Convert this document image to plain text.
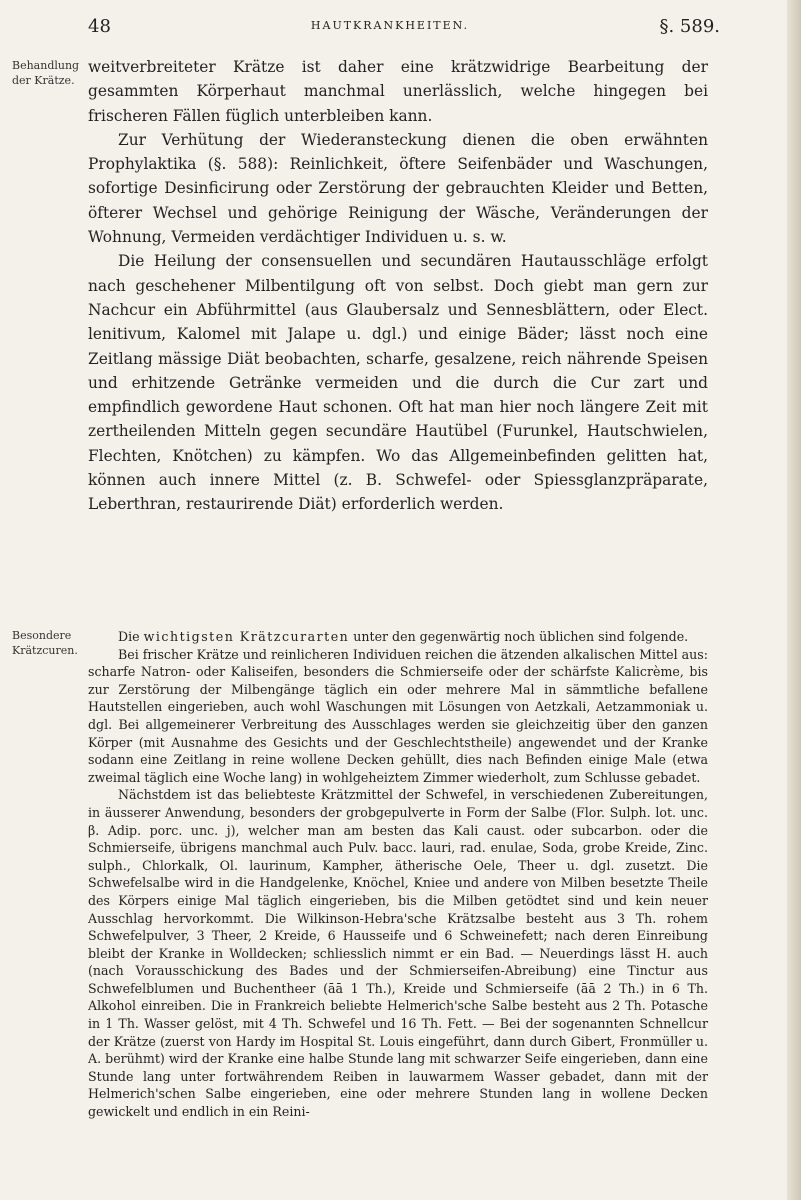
48	HAUTKRANKHEITEN.	§. 589.
Behandlung der Krätze.
Besondere Krätzcuren.

weitverbreiteter Krätze ist daher eine krätzwidrige Bearbeitung der gesammten Körperhaut manchmal unerlässlich, welche hingegen bei frischeren Fällen füglich unterbleiben kann.

Zur Verhütung der Wiederansteckung dienen die oben erwähnten Prophylaktika (§. 588): Reinlichkeit, öftere Seifenbäder und Waschungen, sofortige Desinficirung oder Zerstörung der gebrauchten Kleider und Betten, öfterer Wechsel und gehörige Reinigung der Wäsche, Veränderungen der Wohnung, Vermeiden verdächtiger Individuen u. s. w.

Die Heilung der consensuellen und secundären Hautausschläge erfolgt nach geschehener Milbentilgung oft von selbst. Doch giebt man gern zur Nachcur ein Abführmittel (aus Glaubersalz und Sennesblättern, oder Elect. lenitivum, Kalomel mit Jalape u. dgl.) und einige Bäder; lässt noch eine Zeitlang mässige Diät beobachten, scharfe, gesalzene, reich nährende Speisen und erhitzende Getränke vermeiden und die durch die Cur zart und empfindlich gewordene Haut schonen. Oft hat man hier noch längere Zeit mit zertheilenden Mitteln gegen secundäre Hautübel (Furunkel, Hautschwielen, Flechten, Knötchen) zu kämpfen. Wo das Allgemeinbefinden gelitten hat, können auch innere Mittel (z. B. Schwefel- oder Spiessglanzpräparate, Leberthran, restaurirende Diät) erforderlich werden.

Die wichtigsten Krätzcurarten unter den gegenwärtig noch üblichen sind folgende.

Bei frischer Krätze und reinlicheren Individuen reichen die ätzenden alkalischen Mittel aus: scharfe Natron- oder Kaliseifen, besonders die Schmierseife oder der schärfste Kalicrème, bis zur Zerstörung der Milbengänge täglich ein oder mehrere Mal in sämmtliche befallene Hautstellen eingerieben, auch wohl Waschungen mit Lösungen von Aetzkali, Aetzammoniak u. dgl. Bei allgemeinerer Verbreitung des Ausschlages werden sie gleichzeitig über den ganzen Körper (mit Ausnahme des Gesichts und der Geschlechtstheile) angewendet und der Kranke sodann eine Zeitlang in reine wollene Decken gehüllt, dies nach Befinden einige Male (etwa zweimal täglich eine Woche lang) in wohlgeheiztem Zimmer wiederholt, zum Schlusse gebadet.

Nächstdem ist das beliebteste Krätzmittel der Schwefel, in verschiedenen Zubereitungen, in äusserer Anwendung, besonders der grobgepulverte in Form der Salbe (Flor. Sulph. lot. unc. β. Adip. porc. unc. j), welcher man am besten das Kali caust. oder subcarbon. oder die Schmierseife, übrigens manchmal auch Pulv. bacc. lauri, rad. enulae, Soda, grobe Kreide, Zinc. sulph., Chlorkalk, Ol. laurinum, Kampher, ätherische Oele, Theer u. dgl. zusetzt. Die Schwefelsalbe wird in die Handgelenke, Knöchel, Kniee und andere von Milben besetzte Theile des Körpers einige Mal täglich eingerieben, bis die Milben getödtet sind und kein neuer Ausschlag hervorkommt. Die Wilkinson-Hebra'sche Krätzsalbe besteht aus 3 Th. rohem Schwefelpulver, 3 Theer, 2 Kreide, 6 Hausseife und 6 Schweinefett; nach deren Einreibung bleibt der Kranke in Wolldecken; schliesslich nimmt er ein Bad. — Neuerdings lässt H. auch (nach Vorausschickung des Bades und der Schmierseifen-Abreibung) eine Tinctur aus Schwefelblumen und Buchentheer (āā 1 Th.), Kreide und Schmierseife (āā 2 Th.) in 6 Th. Alkohol einreiben. Die in Frankreich beliebte Helmerich'sche Salbe besteht aus 2 Th. Potasche in 1 Th. Wasser gelöst, mit 4 Th. Schwefel und 16 Th. Fett. — Bei der sogenannten Schnellcur der Krätze (zuerst von Hardy im Hospital St. Louis eingeführt, dann durch Gibert, Fronmüller u. A. berühmt) wird der Kranke eine halbe Stunde lang mit schwarzer Seife eingerieben, dann eine Stunde lang unter fortwährendem Reiben in lauwarmem Wasser gebadet, dann mit der Helmerich'schen Salbe eingerieben, eine oder mehrere Stunden lang in wollene Decken gewickelt und endlich in ein Reini-
